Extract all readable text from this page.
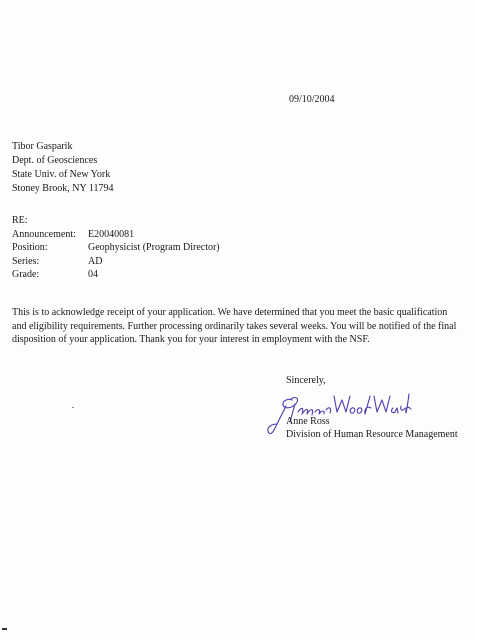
09/10/2004
Tibor Gasparik
Dept. of Geosciences
State Univ. of New York
Stoney Brook, NY 11794
RE:
Announcement:	E20040081
Position:	Geophysicist (Program Director)
Series:	AD
Grade:	04
This is to acknowledge receipt of your application. We have determined that you meet the basic qualification and eligibility requirements. Further processing ordinarily takes several weeks. You will be notified of the final disposition of your application. Thank you for your interest in employment with the NSF.
Sincerely,
Anne Ross
Division of Human Resource Management
